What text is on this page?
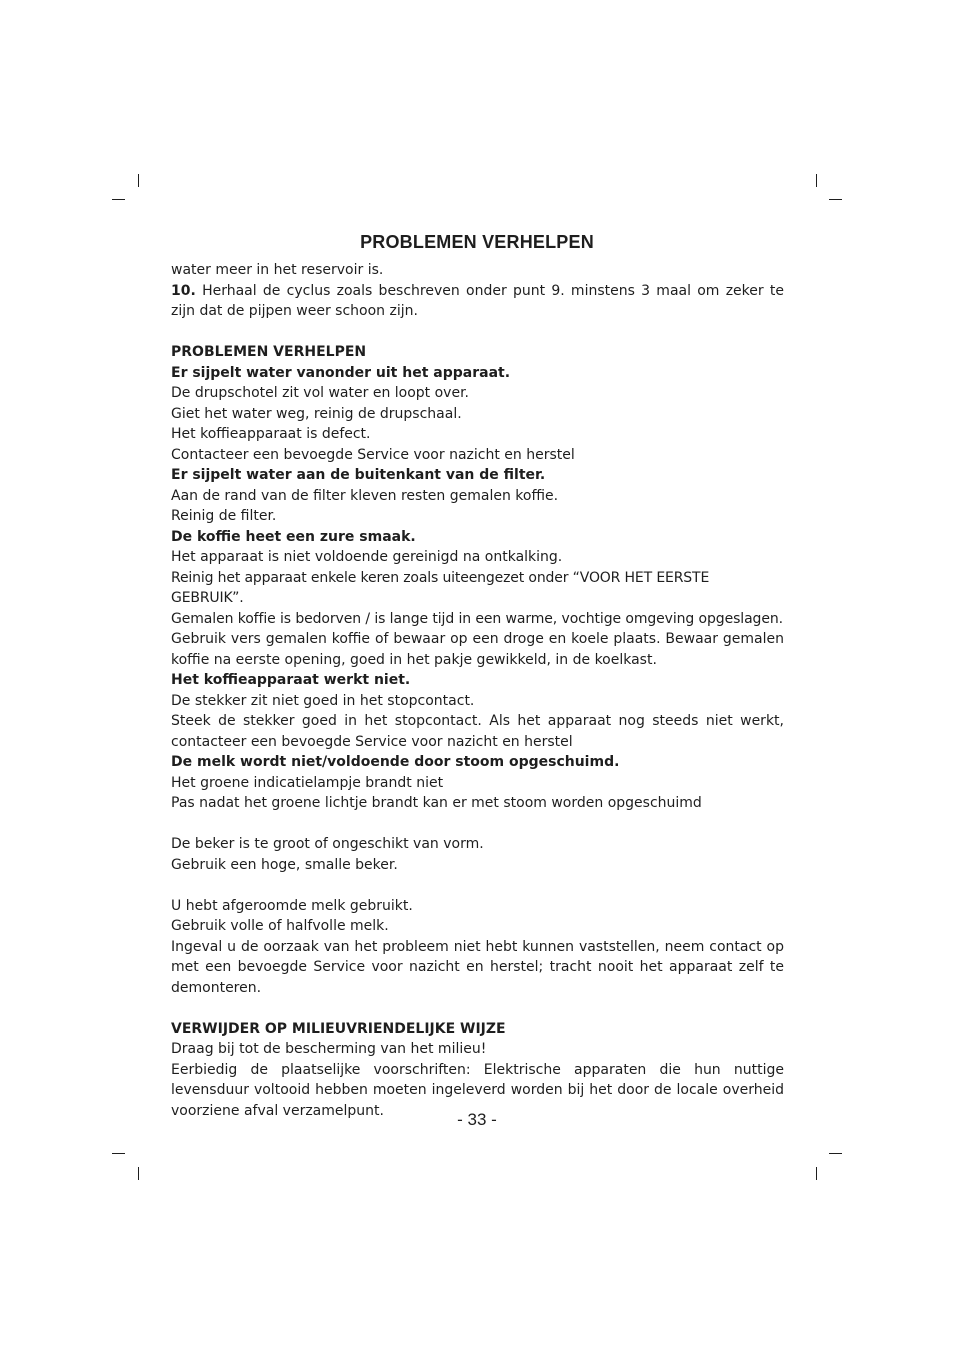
PROBLEMEN VERHELPEN

water meer in het reservoir is.

10. Herhaal de cyclus zoals beschreven onder punt 9. minstens 3 maal om zeker te zijn dat de pijpen weer schoon zijn.

PROBLEMEN VERHELPEN

Er sijpelt water vanonder uit het apparaat.

De drupschotel zit vol water en loopt over.

Giet het water weg, reinig de drupschaal.

Het koffieapparaat is defect.

Contacteer een bevoegde Service voor nazicht en herstel

Er sijpelt water aan de buitenkant van de filter.

Aan de rand van de filter kleven resten gemalen koffie.

Reinig de filter.

De koffie heet een zure smaak.

Het apparaat is niet voldoende gereinigd na ontkalking.

Reinig het apparaat enkele keren zoals uiteengezet onder “VOOR HET EERSTE GEBRUIK”.

Gemalen koffie is bedorven / is lange tijd in een warme, vochtige omgeving opgeslagen.

Gebruik vers gemalen koffie of bewaar op een droge en koele plaats. Bewaar gemalen koffie na eerste opening, goed in het pakje gewikkeld, in de koelkast.

Het koffieapparaat werkt niet.

De stekker zit niet goed in het stopcontact.

Steek de stekker goed in het stopcontact. Als het apparaat nog steeds niet werkt, contacteer een bevoegde Service voor nazicht en herstel

De melk wordt niet/voldoende door stoom opgeschuimd.

Het groene indicatielampje brandt niet

Pas nadat het groene lichtje brandt kan er met stoom worden opgeschuimd

De beker is te groot of ongeschikt van vorm.

Gebruik een hoge, smalle beker.

U hebt afgeroomde melk gebruikt.

Gebruik volle of halfvolle melk.

Ingeval u de oorzaak van het probleem niet hebt kunnen vaststellen, neem contact op met een bevoegde Service voor nazicht en herstel; tracht nooit het apparaat zelf te demonteren.

VERWIJDER OP MILIEUVRIENDELIJKE WIJZE

Draag bij tot de bescherming van het milieu!

Eerbiedig de plaatselijke voorschriften: Elektrische apparaten die hun nuttige levensduur voltooid hebben moeten ingeleverd worden bij het door de locale overheid voorziene afval verzamelpunt.	- 33 -
